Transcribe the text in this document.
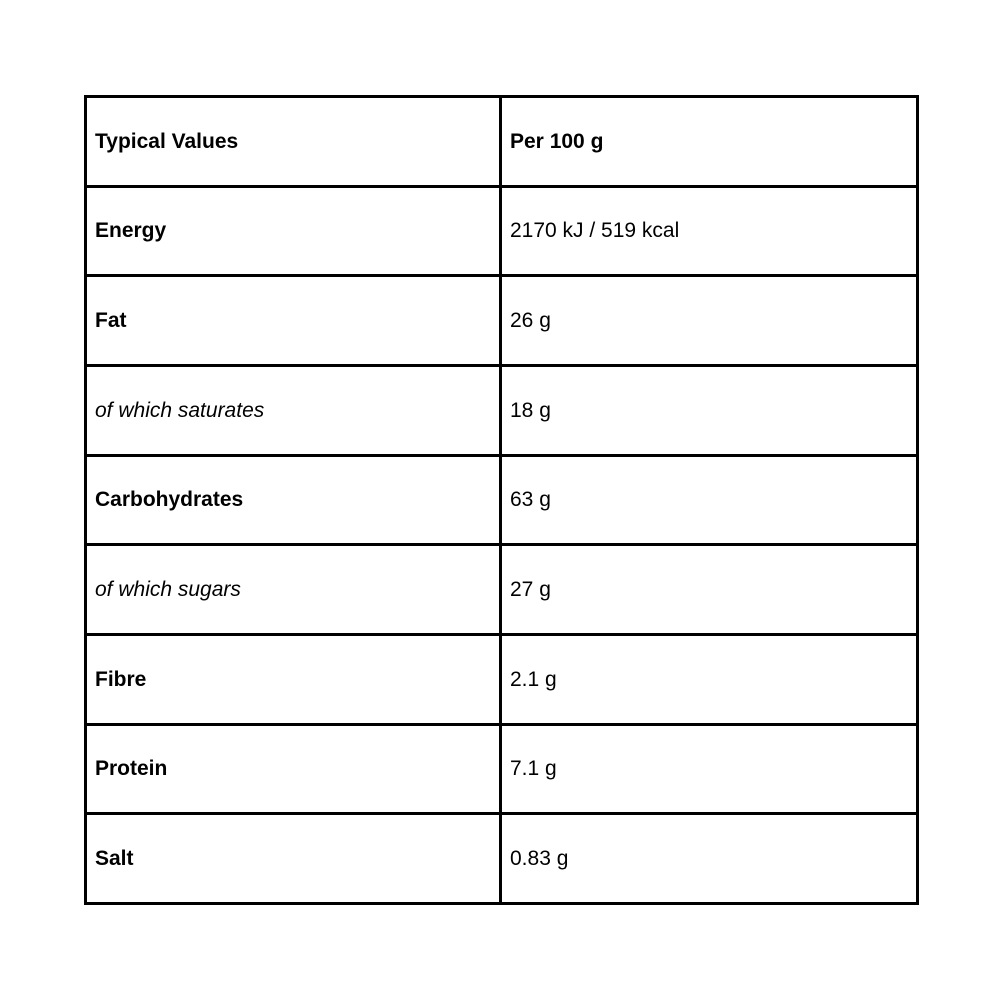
Typical Values	Per 100 g
Energy	2170 kJ / 519 kcal
Fat	26 g
of which saturates	18 g
Carbohydrates	63 g
of which sugars	27 g
Fibre	2.1 g
Protein	7.1 g
Salt	0.83 g
